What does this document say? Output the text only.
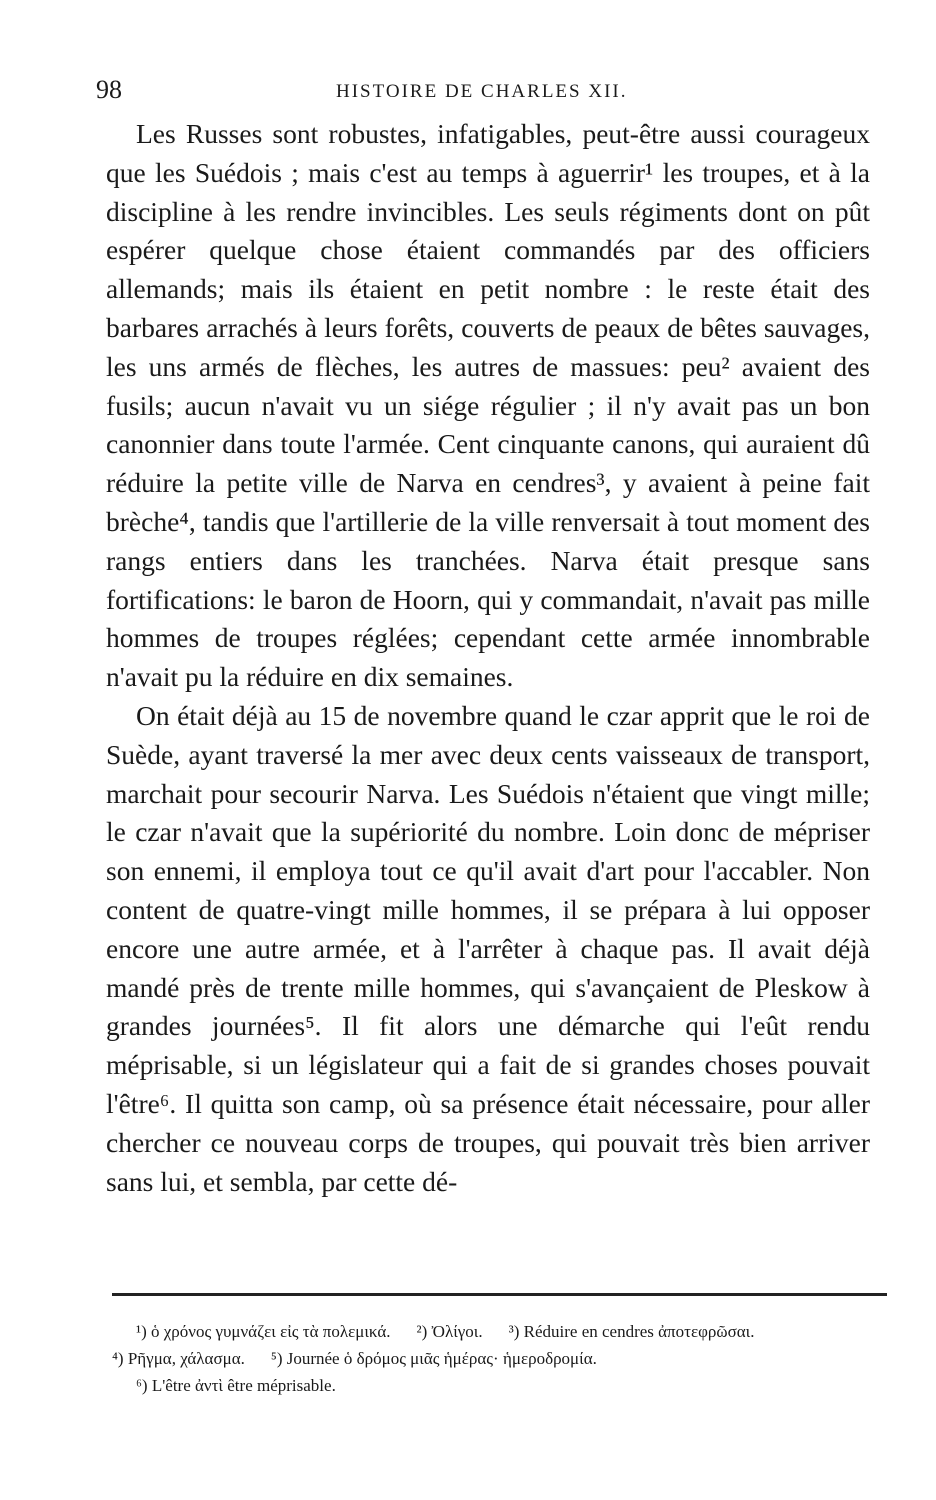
98	HISTOIRE DE CHARLES XII.

Les Russes sont robustes, infatigables, peut-être aussi courageux que les Suédois ; mais c'est au temps à aguerrir¹ les troupes, et à la discipline à les rendre invincibles. Les seuls régiments dont on pût espérer quelque chose étaient commandés par des officiers allemands; mais ils étaient en petit nombre : le reste était des barbares arrachés à leurs forêts, couverts de peaux de bêtes sauvages, les uns armés de flèches, les autres de massues: peu² avaient des fusils; aucun n'avait vu un siége régulier ; il n'y avait pas un bon canonnier dans toute l'armée. Cent cinquante canons, qui auraient dû réduire la petite ville de Narva en cendres³, y avaient à peine fait brèche⁴, tandis que l'artillerie de la ville renversait à tout moment des rangs entiers dans les tranchées. Narva était presque sans fortifications: le baron de Hoorn, qui y commandait, n'avait pas mille hommes de troupes réglées; cependant cette armée innombrable n'avait pu la réduire en dix semaines.

On était déjà au 15 de novembre quand le czar apprit que le roi de Suède, ayant traversé la mer avec deux cents vaisseaux de transport, marchait pour secourir Narva. Les Suédois n'étaient que vingt mille; le czar n'avait que la supériorité du nombre. Loin donc de mépriser son ennemi, il employa tout ce qu'il avait d'art pour l'accabler. Non content de quatre-vingt mille hommes, il se prépara à lui opposer encore une autre armée, et à l'arrêter à chaque pas. Il avait déjà mandé près de trente mille hommes, qui s'avançaient de Pleskow à grandes journées⁵. Il fit alors une démarche qui l'eût rendu méprisable, si un législateur qui a fait de si grandes choses pouvait l'être⁶. Il quitta son camp, où sa présence était nécessaire, pour aller chercher ce nouveau corps de troupes, qui pouvait très bien arriver sans lui, et sembla, par cette dé-

¹) ὁ χρόνος γυμνάζει εἰς τὰ πολεμικά. ²) Ὀλίγοι. ³) Réduire en cendres ἀποτεφρῶσαι.

⁴) Ρῆγμα, χάλασμα. ⁵) Journée ὁ δρόμος μιᾶς ἡμέρας· ἡμεροδρομία.

⁶) L'être ἀντὶ être méprisable.
